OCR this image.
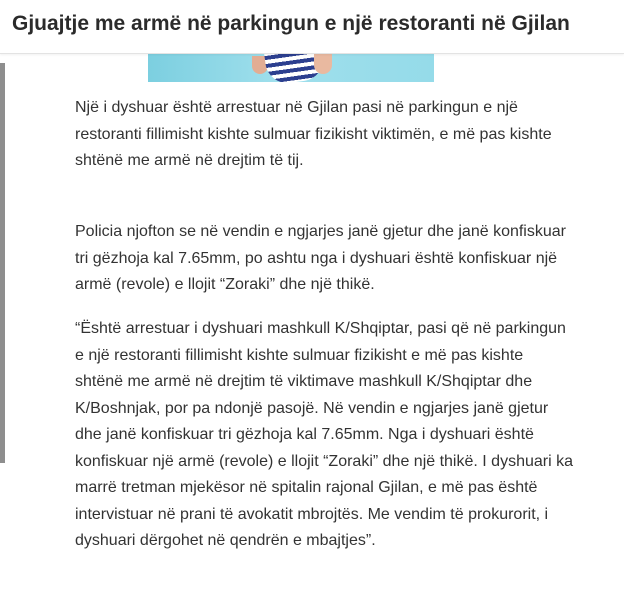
Gjuajtje me armë në parkingun e një restoranti në Gjilan

Një i dyshuar është arrestuar në Gjilan pasi në parkingun e një restoranti fillimisht kishte sulmuar fizikisht viktimën, e më pas kishte shtënë me armë në drejtim të tij.

Policia njofton se në vendin e ngjarjes janë gjetur dhe janë konfiskuar tri gëzhoja kal 7.65mm, po ashtu nga i dyshuari është konfiskuar një armë (revole) e llojit “Zoraki” dhe një thikë.

“Është arrestuar i dyshuari mashkull K/Shqiptar, pasi që në parkingun e një restoranti fillimisht kishte sulmuar fizikisht e më pas kishte shtënë me armë në drejtim të viktimave mashkull K/Shqiptar dhe K/Boshnjak, por pa ndonjë pasojë. Në vendin e ngjarjes janë gjetur dhe janë konfiskuar tri gëzhoja kal 7.65mm. Nga i dyshuari është konfiskuar një armë (revole) e llojit “Zoraki” dhe një thikë. I dyshuari ka marrë tretman mjekësor në spitalin rajonal Gjilan, e më pas është intervistuar në prani të avokatit mbrojtës. Me vendim të prokurorit, i dyshuari dërgohet në qendrën e mbajtjes”.
